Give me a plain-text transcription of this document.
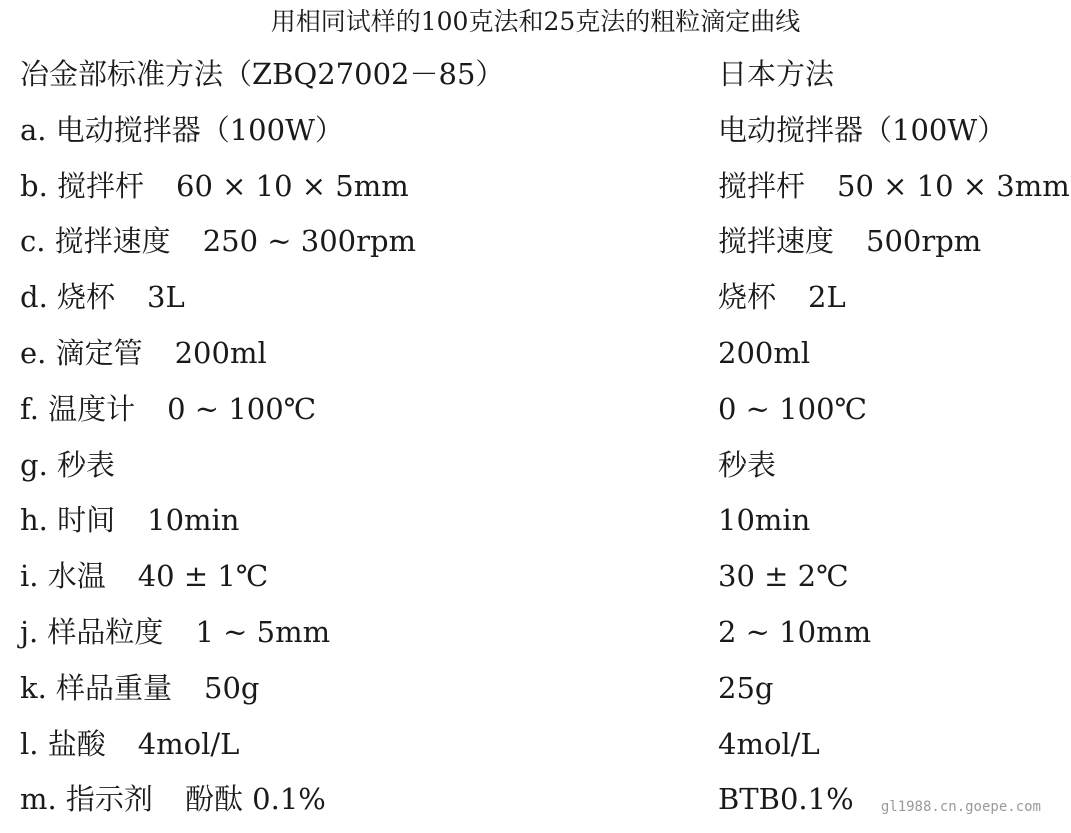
用相同试样的100克法和25克法的粗粒滴定曲线
冶金部标准方法（ZBQ27002－85）	日本方法
a. 电动搅拌器（100W）	电动搅拌器（100W）
b. 搅拌杆 60 × 10 × 5mm	搅拌杆 50 × 10 × 3mm
c. 搅拌速度 250 ~ 300rpm	搅拌速度 500rpm
d. 烧杯 3L	烧杯 2L
e. 滴定管 200ml	200ml
f. 温度计 0 ~ 100℃	0 ~ 100℃
g. 秒表	秒表
h. 时间 10min	10min
i. 水温 40 ± 1℃	30 ± 2℃
j. 样品粒度 1 ~ 5mm	2 ~ 10mm
k. 样品重量 50g	25g
l. 盐酸 4mol/L	4mol/L
m. 指示剂 酚酞 0.1%	BTB0.1% gl1988.cn.goepe.com
